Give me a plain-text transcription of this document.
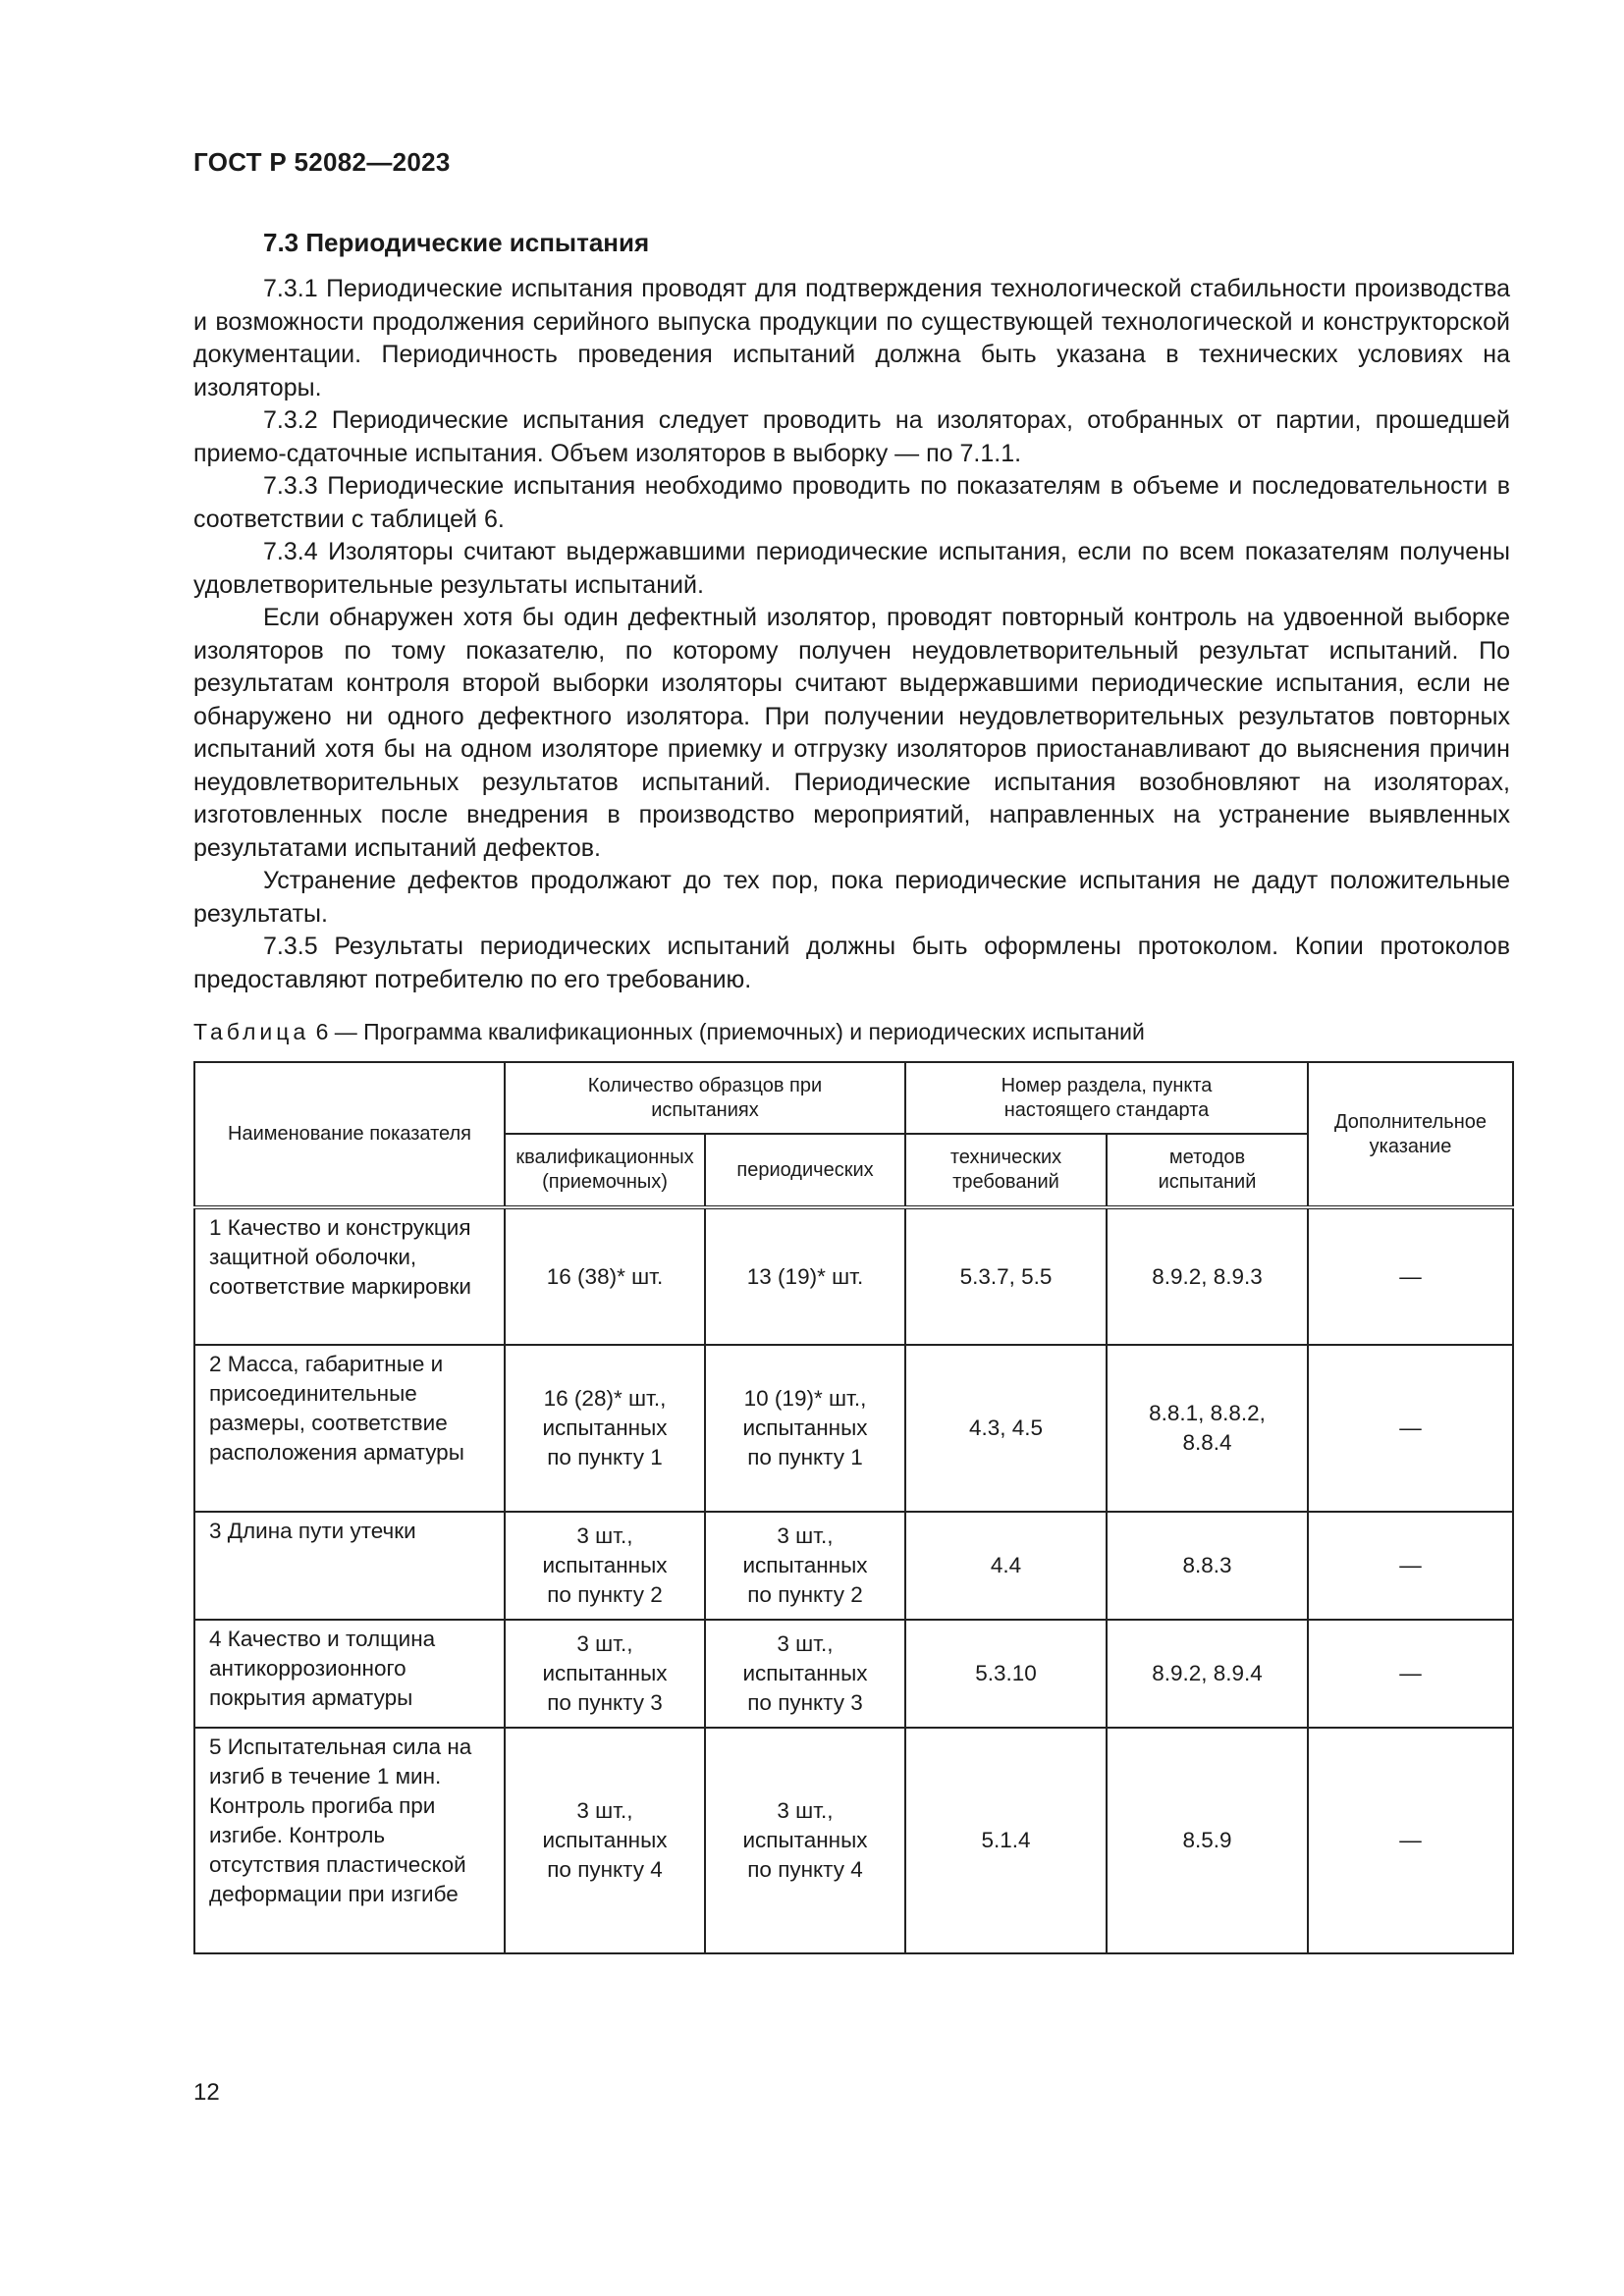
ГОСТ Р 52082—2023
7.3 Периодические испытания

7.3.1 Периодические испытания проводят для подтверждения технологической стабильности производства и возможности продолжения серийного выпуска продукции по существующей технологической и конструкторской документации. Периодичность проведения испытаний должна быть указана в технических условиях на изоляторы.

7.3.2 Периодические испытания следует проводить на изоляторах, отобранных от партии, прошедшей приемо-сдаточные испытания. Объем изоляторов в выборку — по 7.1.1.

7.3.3 Периодические испытания необходимо проводить по показателям в объеме и последовательности в соответствии с таблицей 6.

7.3.4 Изоляторы считают выдержавшими периодические испытания, если по всем показателям получены удовлетворительные результаты испытаний.

Если обнаружен хотя бы один дефектный изолятор, проводят повторный контроль на удвоенной выборке изоляторов по тому показателю, по которому получен неудовлетворительный результат испытаний. По результатам контроля второй выборки изоляторы считают выдержавшими периодические испытания, если не обнаружено ни одного дефектного изолятора. При получении неудовлетворительных результатов повторных испытаний хотя бы на одном изоляторе приемку и отгрузку изоляторов приостанавливают до выяснения причин неудовлетворительных результатов испытаний. Периодические испытания возобновляют на изоляторах, изготовленных после внедрения в производство мероприятий, направленных на устранение выявленных результатами испытаний дефектов.

Устранение дефектов продолжают до тех пор, пока периодические испытания не дадут положительные результаты.

7.3.5 Результаты периодических испытаний должны быть оформлены протоколом. Копии протоколов предоставляют потребителю по его требованию.

Таблица 6 — Программа квалификационных (приемочных) и периодических испытаний
Наименование показателя	Количество образцов при испытаниях		Номер раздела, пункта настоящего стандарта		Дополнительное указание
	квалификационных (приемочных)	периодических	технических требований	методов испытаний	
1 Качество и конструкция защитной оболочки, соответствие маркировки	16 (38)* шт.	13 (19)* шт.	5.3.7, 5.5	8.9.2, 8.9.3	—
2 Масса, габаритные и присоединительные размеры, соответствие расположения арматуры	16 (28)* шт., испытанных по пункту 1	10 (19)* шт., испытанных по пункту 1	4.3, 4.5	8.8.1, 8.8.2, 8.8.4	—
3 Длина пути утечки	3 шт., испытанных по пункту 2	3 шт., испытанных по пункту 2	4.4	8.8.3	—
4 Качество и толщина антикоррозионного покрытия арматуры	3 шт., испытанных по пункту 3	3 шт., испытанных по пункту 3	5.3.10	8.9.2, 8.9.4	—
5 Испытательная сила на изгиб в течение 1 мин. Контроль прогиба при изгибе. Контроль отсутствия пластической деформации при изгибе	3 шт., испытанных по пункту 4	3 шт., испытанных по пункту 4	5.1.4	8.5.9	—
12
